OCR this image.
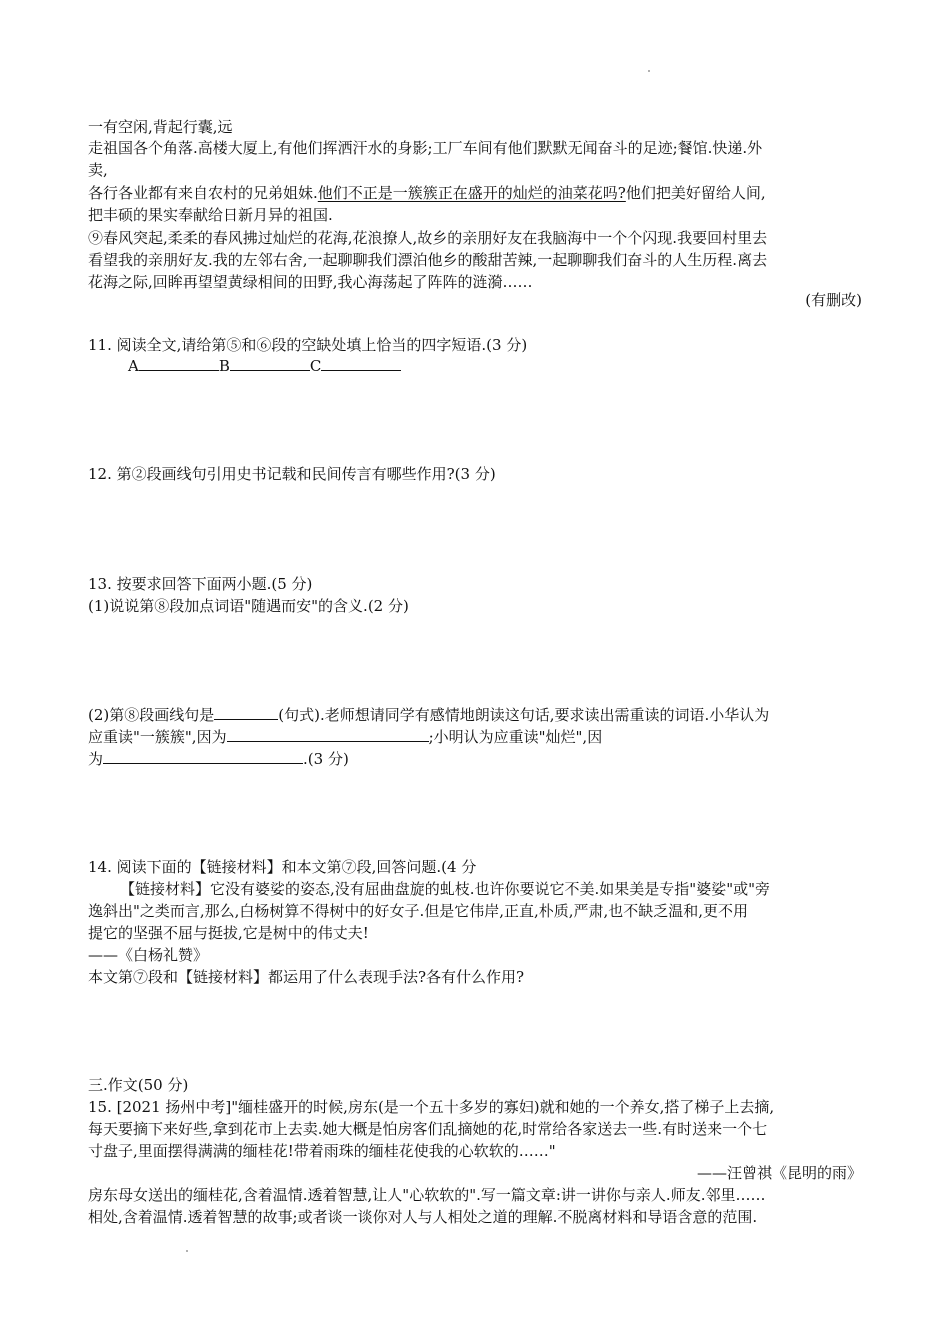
一有空闲,背起行囊,远
走祖国各个角落.高楼大厦上,有他们挥洒汗水的身影;工厂车间有他们默默无闻奋斗的足迹;餐馆.快递.外
卖,
各行各业都有来自农村的兄弟姐妹.他们不正是一簇簇正在盛开的灿烂的油菜花吗?他们把美好留给人间,
把丰硕的果实奉献给日新月异的祖国.
⑨春风突起,柔柔的春风拂过灿烂的花海,花浪撩人,故乡的亲朋好友在我脑海中一个个闪现.我要回村里去
看望我的亲朋好友.我的左邻右舍,一起聊聊我们漂泊他乡的酸甜苦辣,一起聊聊我们奋斗的人生历程.离去
花海之际,回眸再望望黄绿相间的田野,我心海荡起了阵阵的涟漪……
(有删改)
11. 阅读全文,请给第⑤和⑥段的空缺处填上恰当的四字短语.(3 分)
A	B	C
12. 第②段画线句引用史书记载和民间传言有哪些作用?(3 分)
13. 按要求回答下面两小题.(5 分)
(1)说说第⑧段加点词语"随遇而安"的含义.(2 分)
(2)第⑧段画线句是	(句式).老师想请同学有感情地朗读这句话,要求读出需重读的词语.小华认为
应重读"一簇簇",因为	;小明认为应重读"灿烂",因
为	.(3 分)
14. 阅读下面的【链接材料】和本文第⑦段,回答问题.(4 分
【链接材料】它没有婆娑的姿态,没有屈曲盘旋的虬枝.也许你要说它不美.如果美是专指"婆娑"或"旁
逸斜出"之类而言,那么,白杨树算不得树中的好女子.但是它伟岸,正直,朴质,严肃,也不缺乏温和,更不用
提它的坚强不屈与挺拔,它是树中的伟丈夫!
——《白杨礼赞》
本文第⑦段和【链接材料】都运用了什么表现手法?各有什么作用?
三.作文(50 分)
15. [2021 扬州中考]"缅桂盛开的时候,房东(是一个五十多岁的寡妇)就和她的一个养女,搭了梯子上去摘,
每天要摘下来好些,拿到花市上去卖.她大概是怕房客们乱摘她的花,时常给各家送去一些.有时送来一个七
寸盘子,里面摆得满满的缅桂花!带着雨珠的缅桂花使我的心软软的……"
——汪曾祺《昆明的雨》
房东母女送出的缅桂花,含着温情.透着智慧,让人"心软软的".写一篇文章:讲一讲你与亲人.师友.邻里……
相处,含着温情.透着智慧的故事;或者谈一谈你对人与人相处之道的理解.不脱离材料和导语含意的范围.
